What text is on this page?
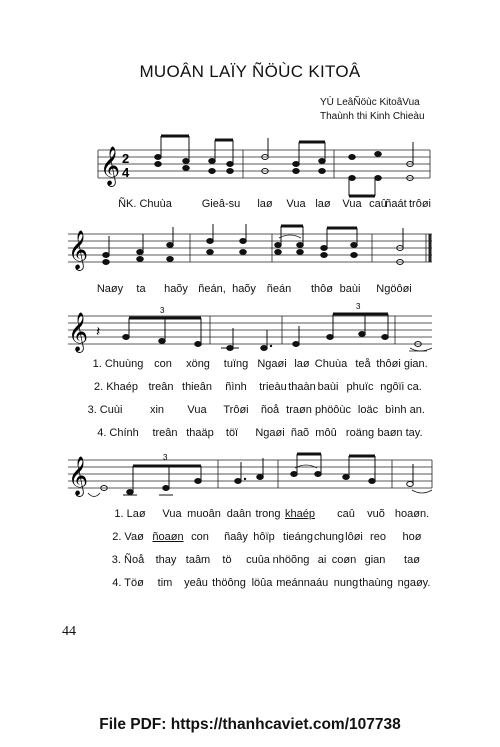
MUOÂN LAÏY ÑÖÙC KITOÂ
YÙ LeâÑöùc KitoâVua
Thaùnh thi Kinh Chieàu
𝄞 2
4
ÑK. Chuùa	Gieâ-su laø Vua laø Vua caû
ñaát trôøi
𝄞
Naøy ta haõy ñeán, haõy ñeán thôø baùi Ngöôøi
𝄞 𝄽
3	3
1. Chuùng con xöng tuïng Ngaøi laø Chuùa teå thôøi gian.
2. Khaép treân thieân ñình trieàu thaàn baùi phuïc ngôïi ca.
3. Cuùi	xin Vua Trôøi ñoå traøn phöôùc loäc bình an.
4. Chính treân thaäp töï Ngaøi ñaõ môû roäng baøn tay.
𝄞	3
1. Laø Vua muoân daân trong khaép caû vuõ hoaøn.
2. Vaø ñoaøn con ñaây hôïp tieáng chung lôøi reo hoø
3. Ñoå thay taâm tö cuûa nhöõng ai coøn gian taø
4. Töø tim yeâu thöông löûa meán naáu nung thaùng ngaøy.
44
File PDF: https://thanhcaviet.com/107738
